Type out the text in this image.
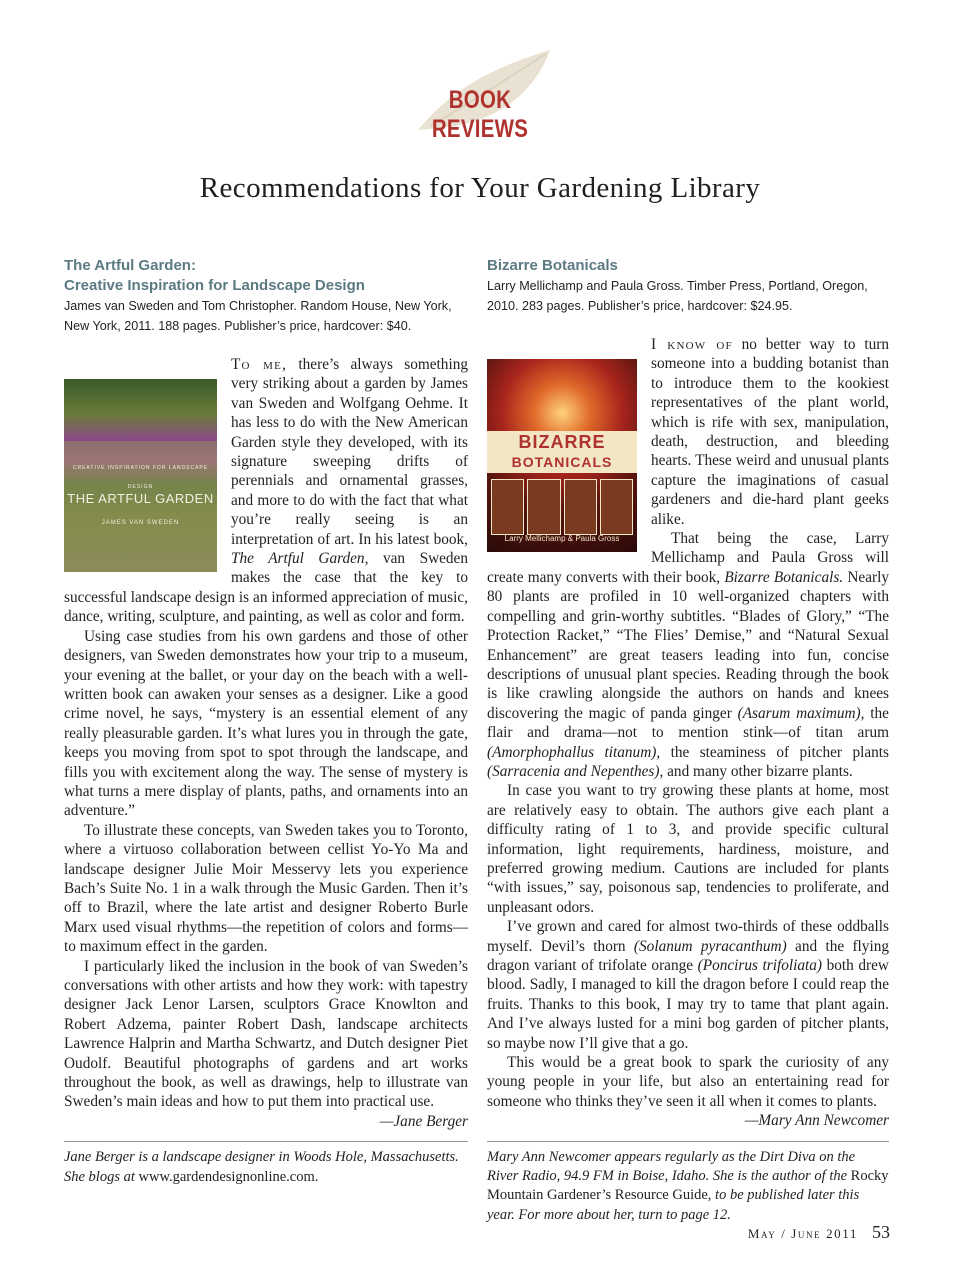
BOOK REVIEWS
Recommendations for Your Gardening Library
The Artful Garden:
Creative Inspiration for Landscape Design
James van Sweden and Tom Christopher. Random House, New York, New York, 2011. 188 pages. Publisher’s price, hardcover: $40.

CREATIVE INSPIRATION FOR LANDSCAPE DESIGN
THE ARTFUL GARDEN
JAMES VAN SWEDEN
To me, there’s always something very striking about a garden by James van Sweden and Wolfgang Oehme. It has less to do with the New American Garden style they developed, with its signature sweeping drifts of perennials and ornamental grasses, and more to do with the fact that what you’re really seeing is an interpretation of art. In his latest book, The Artful Garden, van Sweden makes the case that the key to successful landscape design is an informed appreciation of music, dance, writing, sculpture, and painting, as well as color and form.

Using case studies from his own gardens and those of other designers, van Sweden demonstrates how your trip to a museum, your evening at the ballet, or your day on the beach with a well-written book can awaken your senses as a designer. Like a good crime novel, he says, “mystery is an essential element of any really pleasurable garden. It’s what lures you in through the gate, keeps you moving from spot to spot through the landscape, and fills you with excitement along the way. The sense of mystery is what turns a mere display of plants, paths, and ornaments into an adventure.”

To illustrate these concepts, van Sweden takes you to Toronto, where a virtuoso collaboration between cellist Yo-Yo Ma and landscape designer Julie Moir Messervy lets you experience Bach’s Suite No. 1 in a walk through the Music Garden. Then it’s off to Brazil, where the late artist and designer Roberto Burle Marx used visual rhythms—the repetition of colors and forms—to maximum effect in the garden.

I particularly liked the inclusion in the book of van Sweden’s conversations with other artists and how they work: with tapestry designer Jack Lenor Larsen, sculptors Grace Knowlton and Robert Adzema, painter Robert Dash, landscape architects Lawrence Halprin and Martha Schwartz, and Dutch designer Piet Oudolf. Beautiful photographs of gardens and art works throughout the book, as well as drawings, help to illustrate van Sweden’s main ideas and how to put them into practical use.

—Jane Berger
Jane Berger is a landscape designer in Woods Hole, Massachusetts. She blogs at www.gardendesignonline.com.
Bizarre Botanicals
Larry Mellichamp and Paula Gross. Timber Press, Portland, Oregon, 2010. 283 pages. Publisher’s price, hardcover: $24.95.

BIZARRE
BOTANICALS
Larry Mellichamp & Paula Gross
I know of no better way to turn someone into a budding botanist than to introduce them to the kookiest representatives of the plant world, which is rife with sex, manipulation, death, destruction, and bleeding hearts. These weird and unusual plants capture the imaginations of casual gardeners and die-hard plant geeks alike.

That being the case, Larry Mellichamp and Paula Gross will create many converts with their book, Bizarre Botanicals. Nearly 80 plants are profiled in 10 well-organized chapters with compelling and grin-worthy subtitles. “Blades of Glory,” “The Protection Racket,” “The Flies’ Demise,” and “Natural Sexual Enhancement” are great teasers leading into fun, concise descriptions of unusual plant species. Reading through the book is like crawling alongside the authors on hands and knees discovering the magic of panda ginger (Asarum maximum), the flair and drama—not to mention stink—of titan arum (Amorphophallus titanum), the steaminess of pitcher plants (Sarracenia and Nepenthes), and many other bizarre plants.

In case you want to try growing these plants at home, most are relatively easy to obtain. The authors give each plant a difficulty rating of 1 to 3, and provide specific cultural information, light requirements, hardiness, moisture, and preferred growing medium. Cautions are included for plants “with issues,” say, poisonous sap, tendencies to proliferate, and unpleasant odors.

I’ve grown and cared for almost two-thirds of these oddballs myself. Devil’s thorn (Solanum pyracanthum) and the flying dragon variant of trifolate orange (Poncirus trifoliata) both drew blood. Sadly, I managed to kill the dragon before I could reap the fruits. Thanks to this book, I may try to tame that plant again. And I’ve always lusted for a mini bog garden of pitcher plants, so maybe now I’ll give that a go.

This would be a great book to spark the curiosity of any young people in your life, but also an entertaining read for someone who thinks they’ve seen it all when it comes to plants.

—Mary Ann Newcomer
Mary Ann Newcomer appears regularly as the Dirt Diva on the River Radio, 94.9 FM in Boise, Idaho. She is the author of the Rocky Mountain Gardener’s Resource Guide, to be published later this year. For more about her, turn to page 12.
May / June 2011 53
